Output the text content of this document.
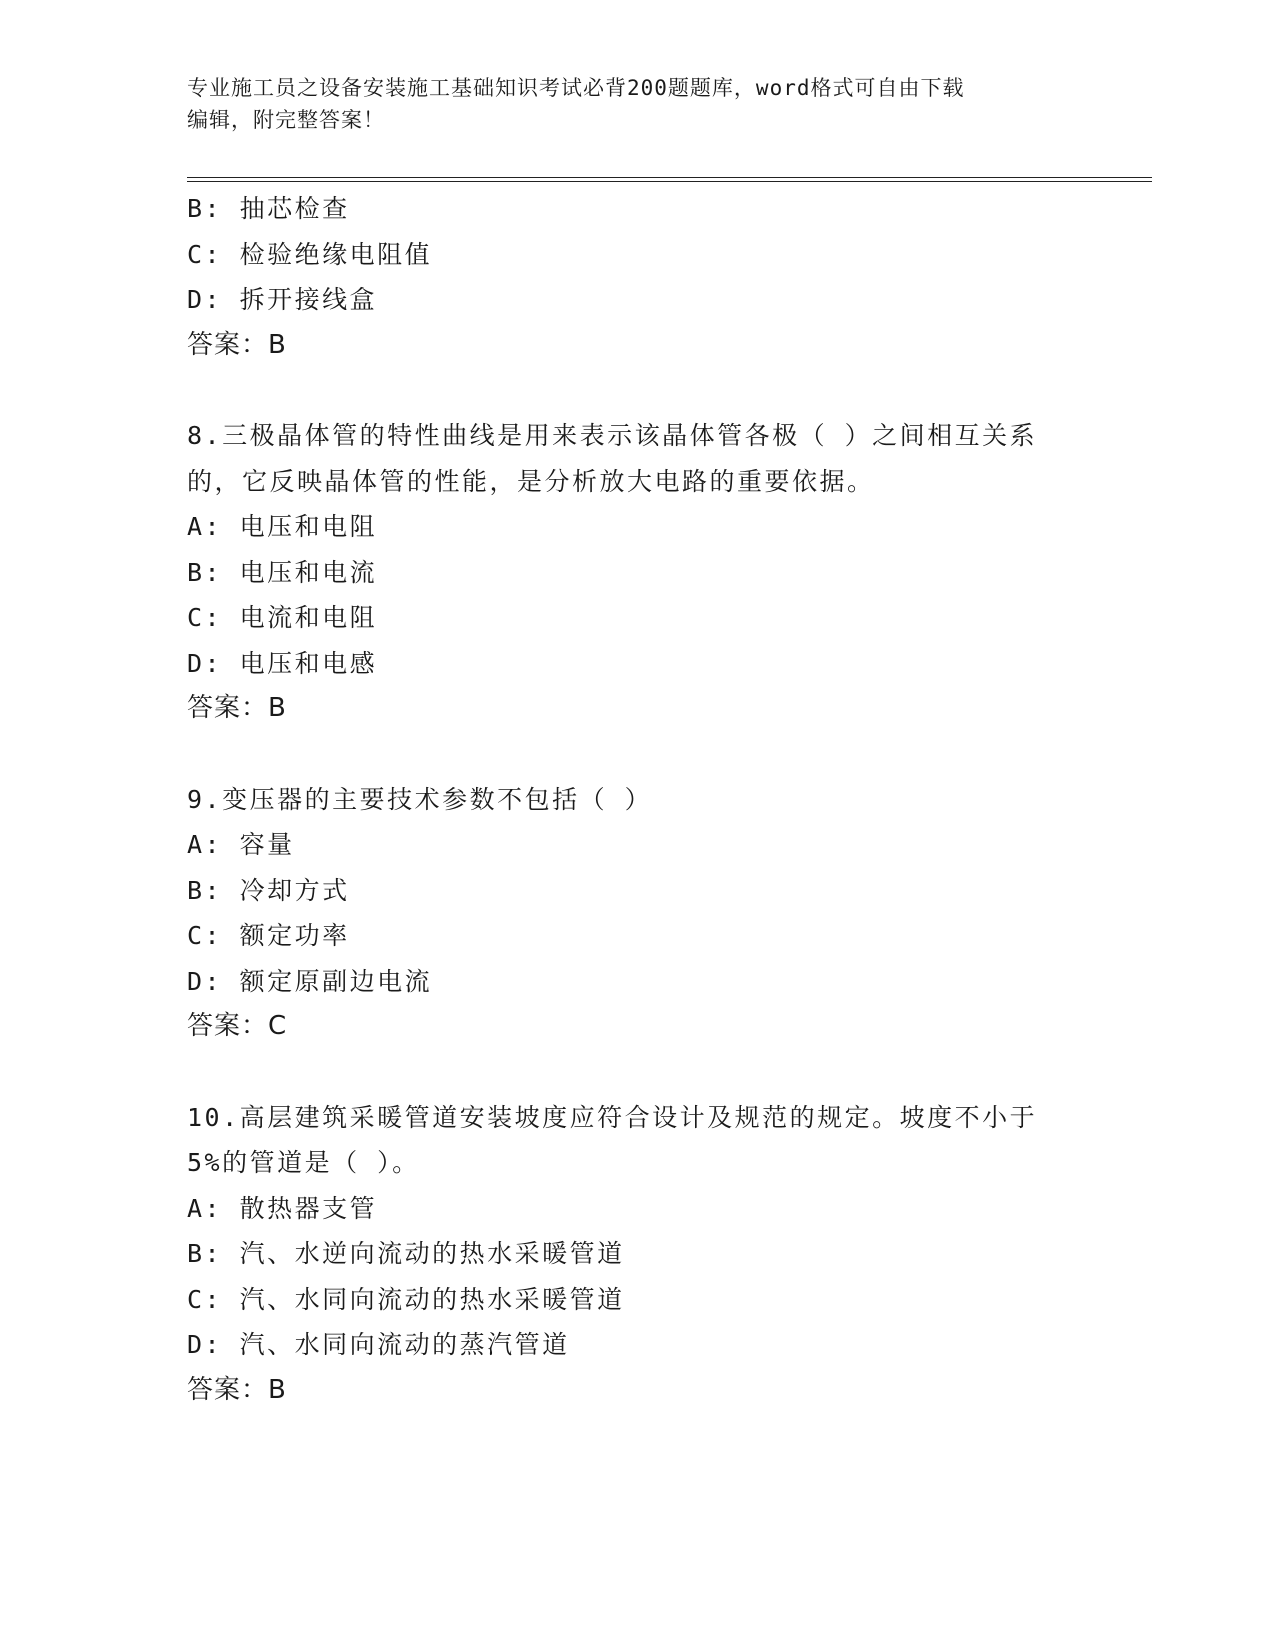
专业施工员之设备安装施工基础知识考试必背200题题库，word格式可自由下载
编辑，附完整答案！
B: 抽芯检查
C: 检验绝缘电阻值
D: 拆开接线盒
答案：B
8.三极晶体管的特性曲线是用来表示该晶体管各极（ ）之间相互关系
的，它反映晶体管的性能，是分析放大电路的重要依据。
A: 电压和电阻
B: 电压和电流
C: 电流和电阻
D: 电压和电感
答案：B
9.变压器的主要技术参数不包括（ ）
A: 容量
B: 冷却方式
C: 额定功率
D: 额定原副边电流
答案：C
10.高层建筑采暖管道安装坡度应符合设计及规范的规定。坡度不小于
5%的管道是（ ）。
A: 散热器支管
B: 汽、水逆向流动的热水采暖管道
C: 汽、水同向流动的热水采暖管道
D: 汽、水同向流动的蒸汽管道
答案：B
